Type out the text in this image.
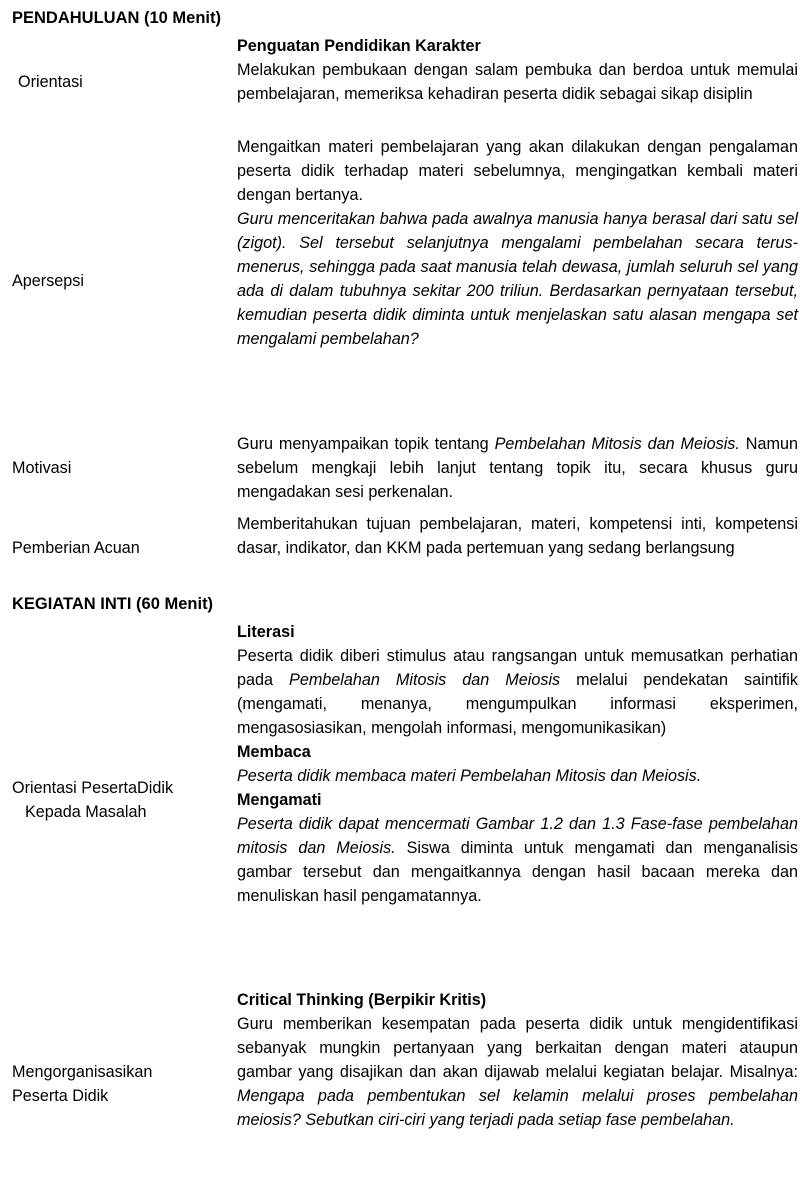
PENDAHULUAN (10 Menit)
Orientasi

Penguatan Pendidikan Karakter

Melakukan pembukaan dengan salam pembuka dan berdoa untuk memulai pembelajaran, memeriksa kehadiran peserta didik sebagai sikap disiplin

Apersepsi

Mengaitkan materi pembelajaran yang akan dilakukan dengan pengalaman peserta didik terhadap materi sebelumnya, mengingatkan kembali materi dengan bertanya.

Guru menceritakan bahwa pada awalnya manusia hanya berasal dari satu sel (zigot). Sel tersebut selanjutnya mengalami pembelahan secara terus-menerus, sehingga pada saat manusia telah dewasa, jumlah seluruh sel yang ada di dalam tubuhnya sekitar 200 triliun. Berdasarkan pernyataan tersebut, kemudian peserta didik diminta untuk menjelaskan satu alasan mengapa set mengalami pembelahan?

Motivasi

Guru menyampaikan topik tentang Pembelahan Mitosis dan Meiosis. Namun sebelum mengkaji lebih lanjut tentang topik itu, secara khusus guru mengadakan sesi perkenalan.

Pemberian Acuan

Memberitahukan tujuan pembelajaran, materi, kompetensi inti, kompetensi dasar, indikator, dan KKM pada pertemuan yang sedang berlangsung

KEGIATAN INTI (60 Menit)
Orientasi PesertaDidik
Kepada Masalah

Literasi

Peserta didik diberi stimulus atau rangsangan untuk memusatkan perhatian pada Pembelahan Mitosis dan Meiosis melalui pendekatan saintifik (mengamati, menanya, mengumpulkan informasi eksperimen, mengasosiasikan, mengolah informasi, mengomunikasikan)

Membaca

Peserta didik membaca materi Pembelahan Mitosis dan Meiosis.

Mengamati

Peserta didik dapat mencermati Gambar 1.2 dan 1.3 Fase-fase pembelahan mitosis dan Meiosis. Siswa diminta untuk mengamati dan menganalisis gambar tersebut dan mengaitkannya dengan hasil bacaan mereka dan menuliskan hasil pengamatannya.

Mengorganisasikan
Peserta Didik

Critical Thinking (Berpikir Kritis)

Guru memberikan kesempatan pada peserta didik untuk mengidentifikasi sebanyak mungkin pertanyaan yang berkaitan dengan materi ataupun gambar yang disajikan dan akan dijawab melalui kegiatan belajar. Misalnya: Mengapa pada pembentukan sel kelamin melalui proses pembelahan meiosis? Sebutkan ciri-ciri yang terjadi pada setiap fase pembelahan.
